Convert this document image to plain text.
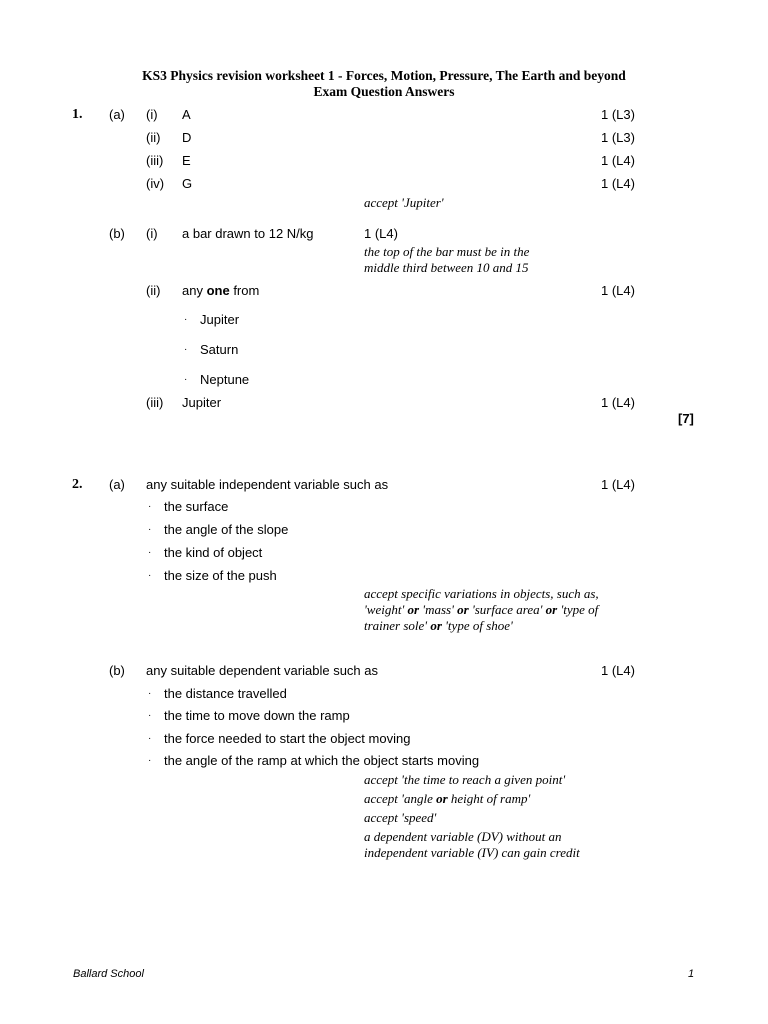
KS3 Physics revision worksheet 1 - Forces, Motion, Pressure, The Earth and beyond
Exam Question Answers
1. (a) (i) A	1 (L3)
(ii) D	1 (L3)
(iii) E	1 (L4)
(iv) G	1 (L4)
accept 'Jupiter'
(b) (i) a bar drawn to 12 N/kg	1 (L4)
the top of the bar must be in the middle third between 10 and 15
(ii) any one from	1 (L4)
· Jupiter
· Saturn
· Neptune
(iii) Jupiter	1 (L4)
[7]
2. (a) any suitable independent variable such as	1 (L4)
· the surface
· the angle of the slope
· the kind of object
· the size of the push
accept specific variations in objects, such as, 'weight' or 'mass' or 'surface area' or 'type of trainer sole' or 'type of shoe'
(b) any suitable dependent variable such as	1 (L4)
· the distance travelled
· the time to move down the ramp
· the force needed to start the object moving
· the angle of the ramp at which the object starts moving
accept 'the time to reach a given point'
accept 'angle or height of ramp'
accept 'speed'
a dependent variable (DV) without an independent variable (IV) can gain credit
Ballard School	1
